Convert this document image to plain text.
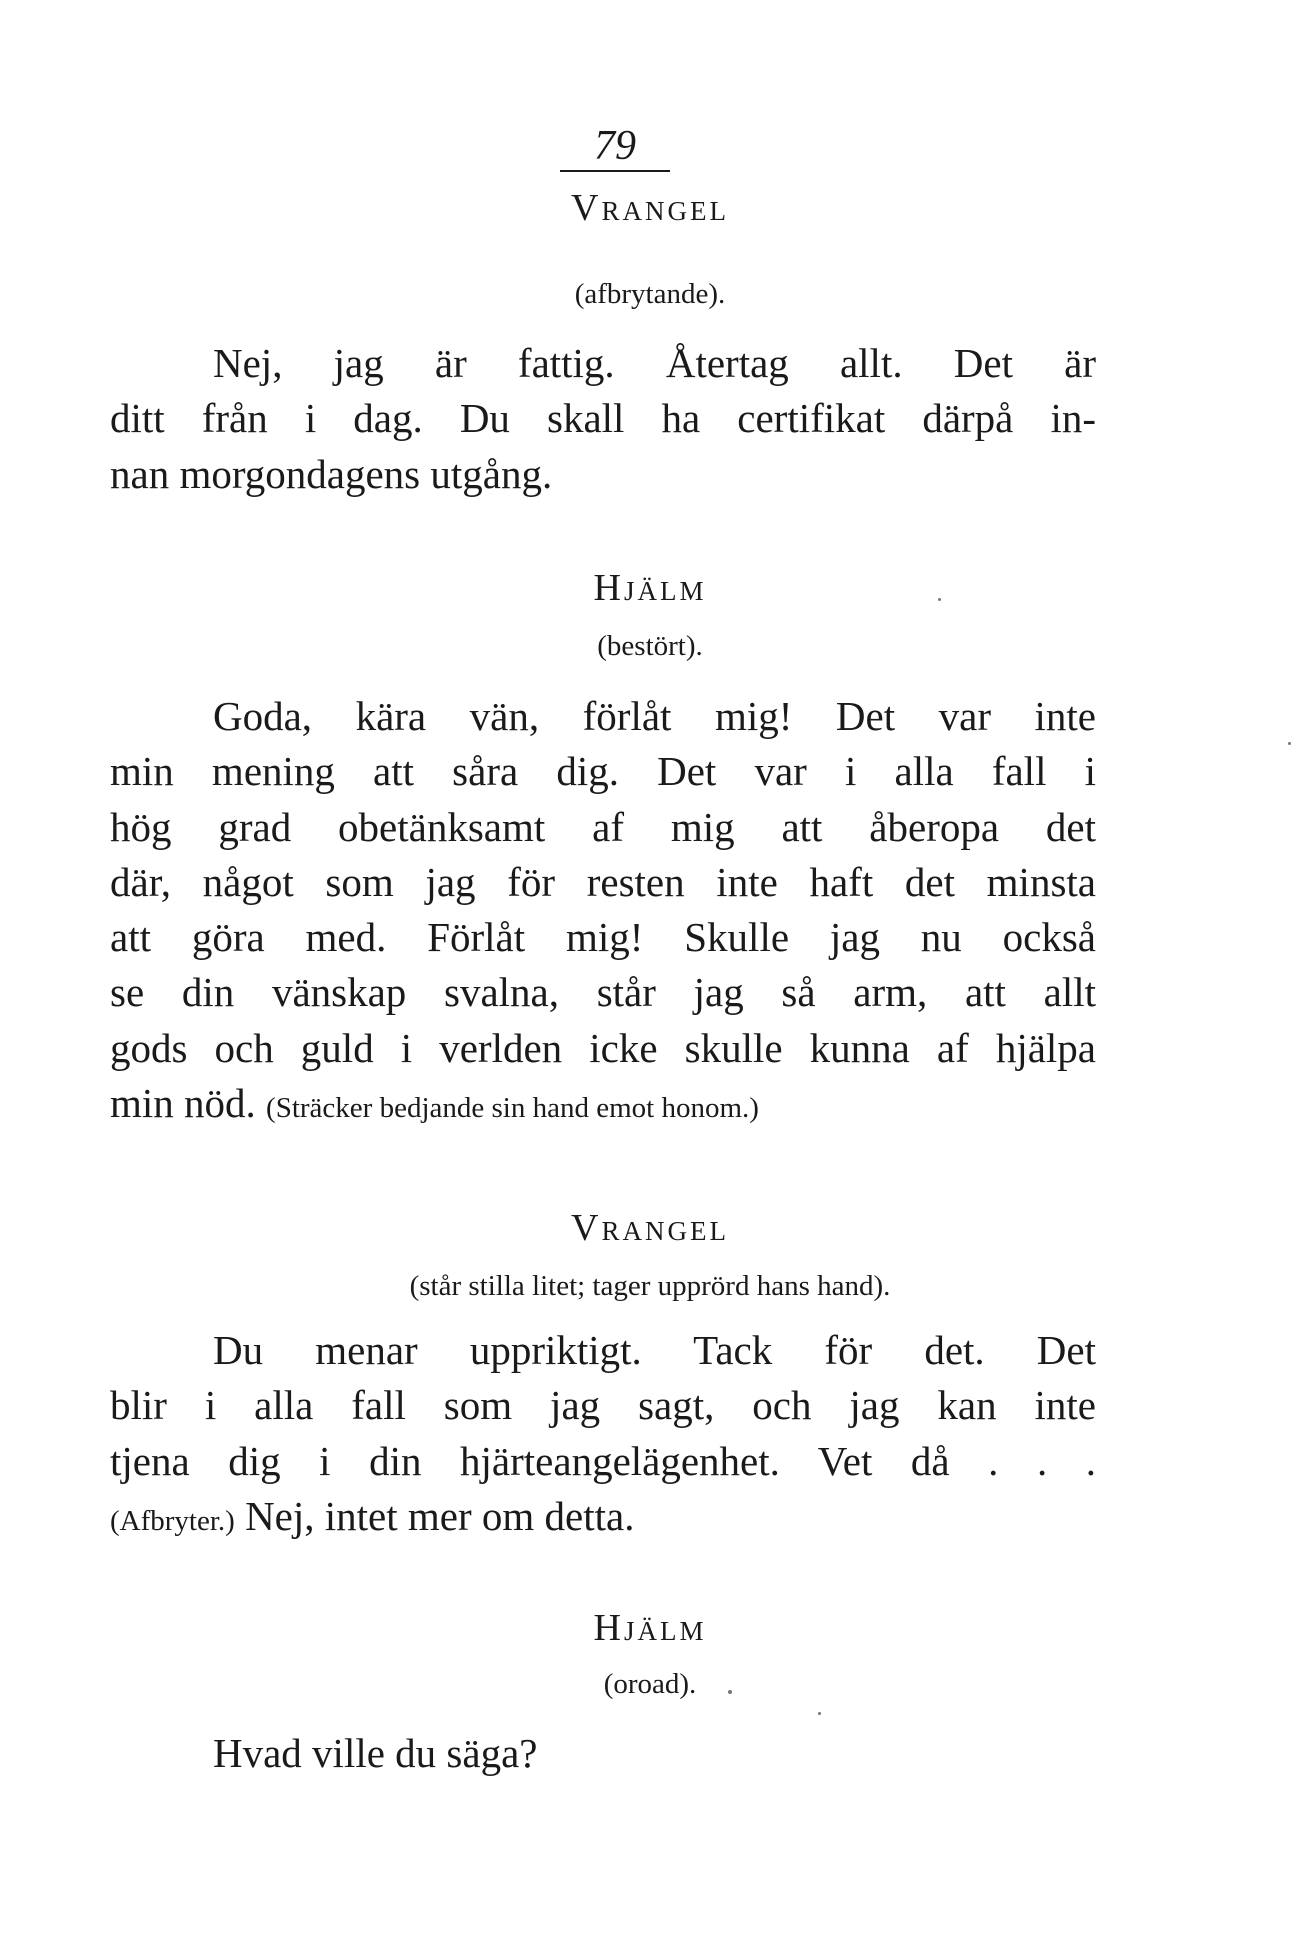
79
Vrangel
(afbrytande).
Nej, jag är fattig. Återtag allt. Det är
ditt från i dag. Du skall ha certifikat därpå in-
nan morgondagens utgång.
Hjälm
(bestört).
Goda, kära vän, förlåt mig! Det var inte
min mening att såra dig. Det var i alla fall i
hög grad obetänksamt af mig att åberopa det
där, något som jag för resten inte haft det minsta
att göra med. Förlåt mig! Skulle jag nu också
se din vänskap svalna, står jag så arm, att allt
gods och guld i verlden icke skulle kunna af hjälpa
min nöd. (Sträcker bedjande sin hand emot honom.)
Vrangel
(står stilla litet; tager upprörd hans hand).
Du menar uppriktigt. Tack för det. Det
blir i alla fall som jag sagt, och jag kan inte
tjena dig i din hjärteangelägenhet. Vet då . . .
(Afbryter.) Nej, intet mer om detta.
Hjälm
(oroad).
Hvad ville du säga?
